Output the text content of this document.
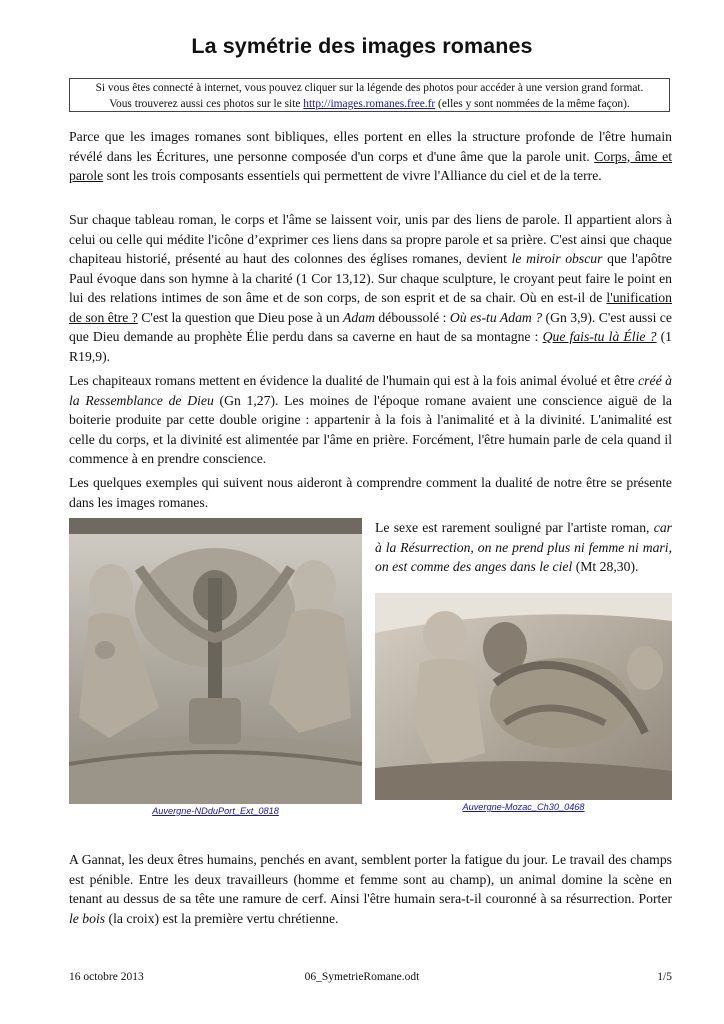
La symétrie des images romanes
Si vous êtes connecté à internet, vous pouvez cliquer sur la légende des photos pour accéder à une version grand format.
Vous trouverez aussi ces photos sur le site http://images.romanes.free.fr (elles y sont nommées de la même façon).

Parce que les images romanes sont bibliques, elles portent en elles la structure profonde de l'être humain révélé dans les Écritures, une personne composée d'un corps et d'une âme que la parole unit. Corps, âme et parole sont les trois composants essentiels qui permettent de vivre l'Alliance du ciel et de la terre.

Sur chaque tableau roman, le corps et l'âme se laissent voir, unis par des liens de parole. Il appartient alors à celui ou celle qui médite l'icône d’exprimer ces liens dans sa propre parole et sa prière. C'est ainsi que chaque chapiteau historié, présenté au haut des colonnes des églises romanes, devient le miroir obscur que l'apôtre Paul évoque dans son hymne à la charité (1 Cor 13,12). Sur chaque sculpture, le croyant peut faire le point en lui des relations intimes de son âme et de son corps, de son esprit et de sa chair. Où en est-il de l'unification de son être ? C'est la question que Dieu pose à un Adam déboussolé : Où es-tu Adam ? (Gn 3,9). C'est aussi ce que Dieu demande au prophète Élie perdu dans sa caverne en haut de sa montagne : Que fais-tu là Élie ? (1 R19,9).

Les chapiteaux romans mettent en évidence la dualité de l'humain qui est à la fois animal évolué et être créé à la Ressemblance de Dieu (Gn 1,27). Les moines de l'époque romane avaient une conscience aiguë de la boiterie produite par cette double origine : appartenir à la fois à l'animalité et à la divinité. L'animalité est celle du corps, et la divinité est alimentée par l'âme en prière. Forcément, l'être humain parle de cela quand il commence à en prendre conscience.

Les quelques exemples qui suivent nous aideront à comprendre comment la dualité de notre être se présente dans les images romanes.

Auvergne-NDduPort_Ext_0818

Le sexe est rarement souligné par l'artiste roman, car à la Résurrection, on ne prend plus ni femme ni mari, on est comme des anges dans le ciel (Mt 28,30).

Auvergne-Mozac_Ch30_0468

A Gannat, les deux êtres humains, penchés en avant, semblent porter la fatigue du jour. Le travail des champs est pénible. Entre les deux travailleurs (homme et femme sont au champ), un animal domine la scène en tenant au dessus de sa tête une ramure de cerf. Ainsi l'être humain sera-t-il couronné à sa résurrection. Porter le bois (la croix) est la première vertu chrétienne.

16 octobre 2013	06_SymetrieRomane.odt	1/5
